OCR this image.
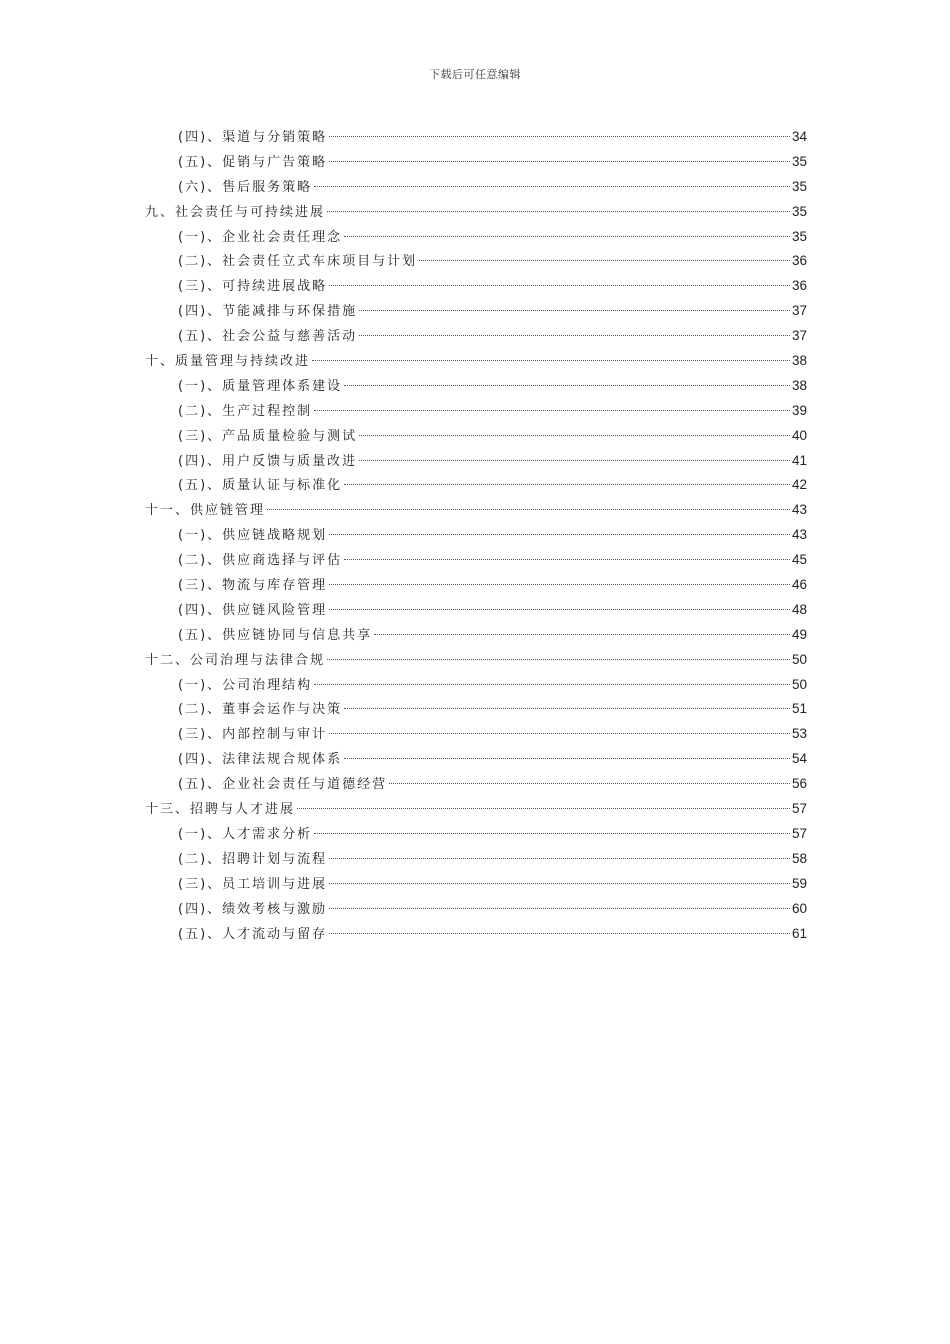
下载后可任意编辑
(四)、渠道与分销策略	34
(五)、促销与广告策略	35
(六)、售后服务策略	35
九、社会责任与可持续进展	35
(一)、企业社会责任理念	35
(二)、社会责任立式车床项目与计划	36
(三)、可持续进展战略	36
(四)、节能减排与环保措施	37
(五)、社会公益与慈善活动	37
十、质量管理与持续改进	38
(一)、质量管理体系建设	38
(二)、生产过程控制	39
(三)、产品质量检验与测试	40
(四)、用户反馈与质量改进	41
(五)、质量认证与标准化	42
十一、供应链管理	43
(一)、供应链战略规划	43
(二)、供应商选择与评估	45
(三)、物流与库存管理	46
(四)、供应链风险管理	48
(五)、供应链协同与信息共享	49
十二、公司治理与法律合规	50
(一)、公司治理结构	50
(二)、董事会运作与决策	51
(三)、内部控制与审计	53
(四)、法律法规合规体系	54
(五)、企业社会责任与道德经营	56
十三、招聘与人才进展	57
(一)、人才需求分析	57
(二)、招聘计划与流程	58
(三)、员工培训与进展	59
(四)、绩效考核与激励	60
(五)、人才流动与留存	61
